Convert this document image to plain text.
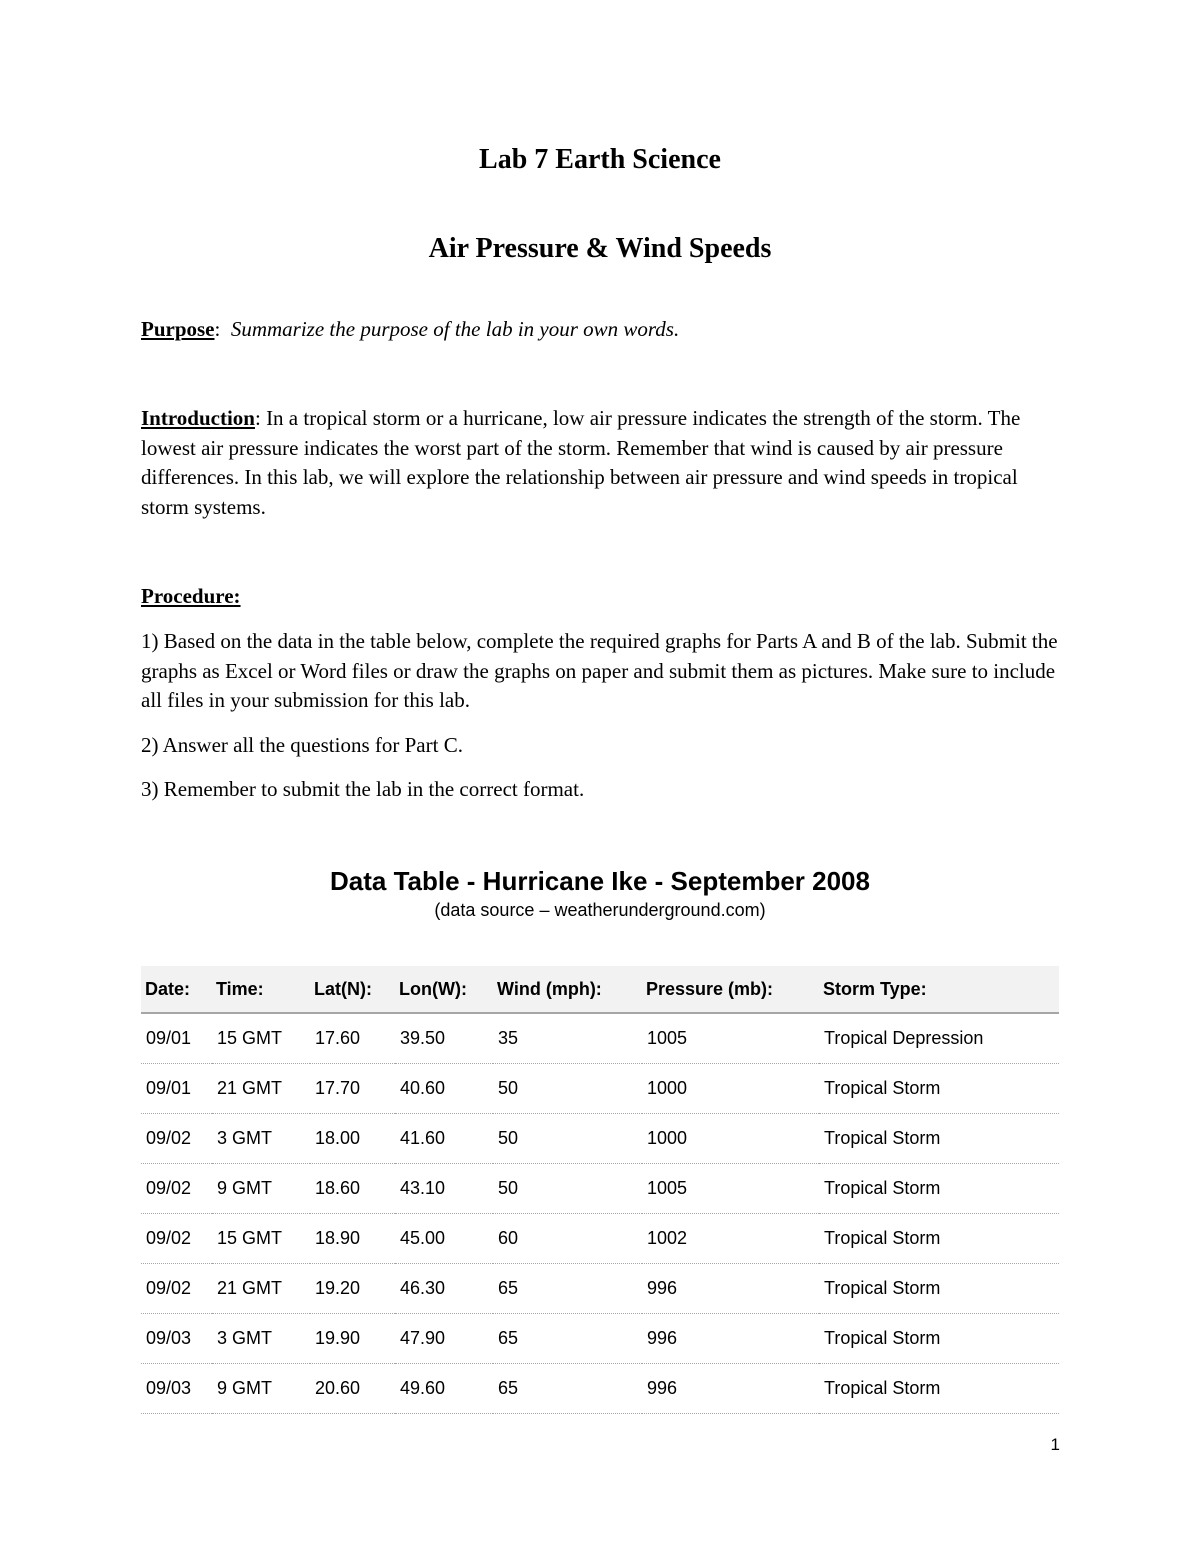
Lab 7 Earth Science
Air Pressure & Wind Speeds
Purpose: Summarize the purpose of the lab in your own words.
Introduction: In a tropical storm or a hurricane, low air pressure indicates the strength of the storm. The lowest air pressure indicates the worst part of the storm. Remember that wind is caused by air pressure differences. In this lab, we will explore the relationship between air pressure and wind speeds in tropical storm systems.
Procedure:
1) Based on the data in the table below, complete the required graphs for Parts A and B of the lab. Submit the graphs as Excel or Word files or draw the graphs on paper and submit them as pictures. Make sure to include all files in your submission for this lab.
2) Answer all the questions for Part C.
3) Remember to submit the lab in the correct format.
Data Table - Hurricane Ike - September 2008
(data source – weatherunderground.com)
Date:	Time:	Lat(N):	Lon(W):	Wind (mph):	Pressure (mb):	Storm Type:
09/01	15 GMT	17.60	39.50	35	1005	Tropical Depression
09/01	21 GMT	17.70	40.60	50	1000	Tropical Storm
09/02	3 GMT	18.00	41.60	50	1000	Tropical Storm
09/02	9 GMT	18.60	43.10	50	1005	Tropical Storm
09/02	15 GMT	18.90	45.00	60	1002	Tropical Storm
09/02	21 GMT	19.20	46.30	65	996	Tropical Storm
09/03	3 GMT	19.90	47.90	65	996	Tropical Storm
09/03	9 GMT	20.60	49.60	65	996	Tropical Storm
1
